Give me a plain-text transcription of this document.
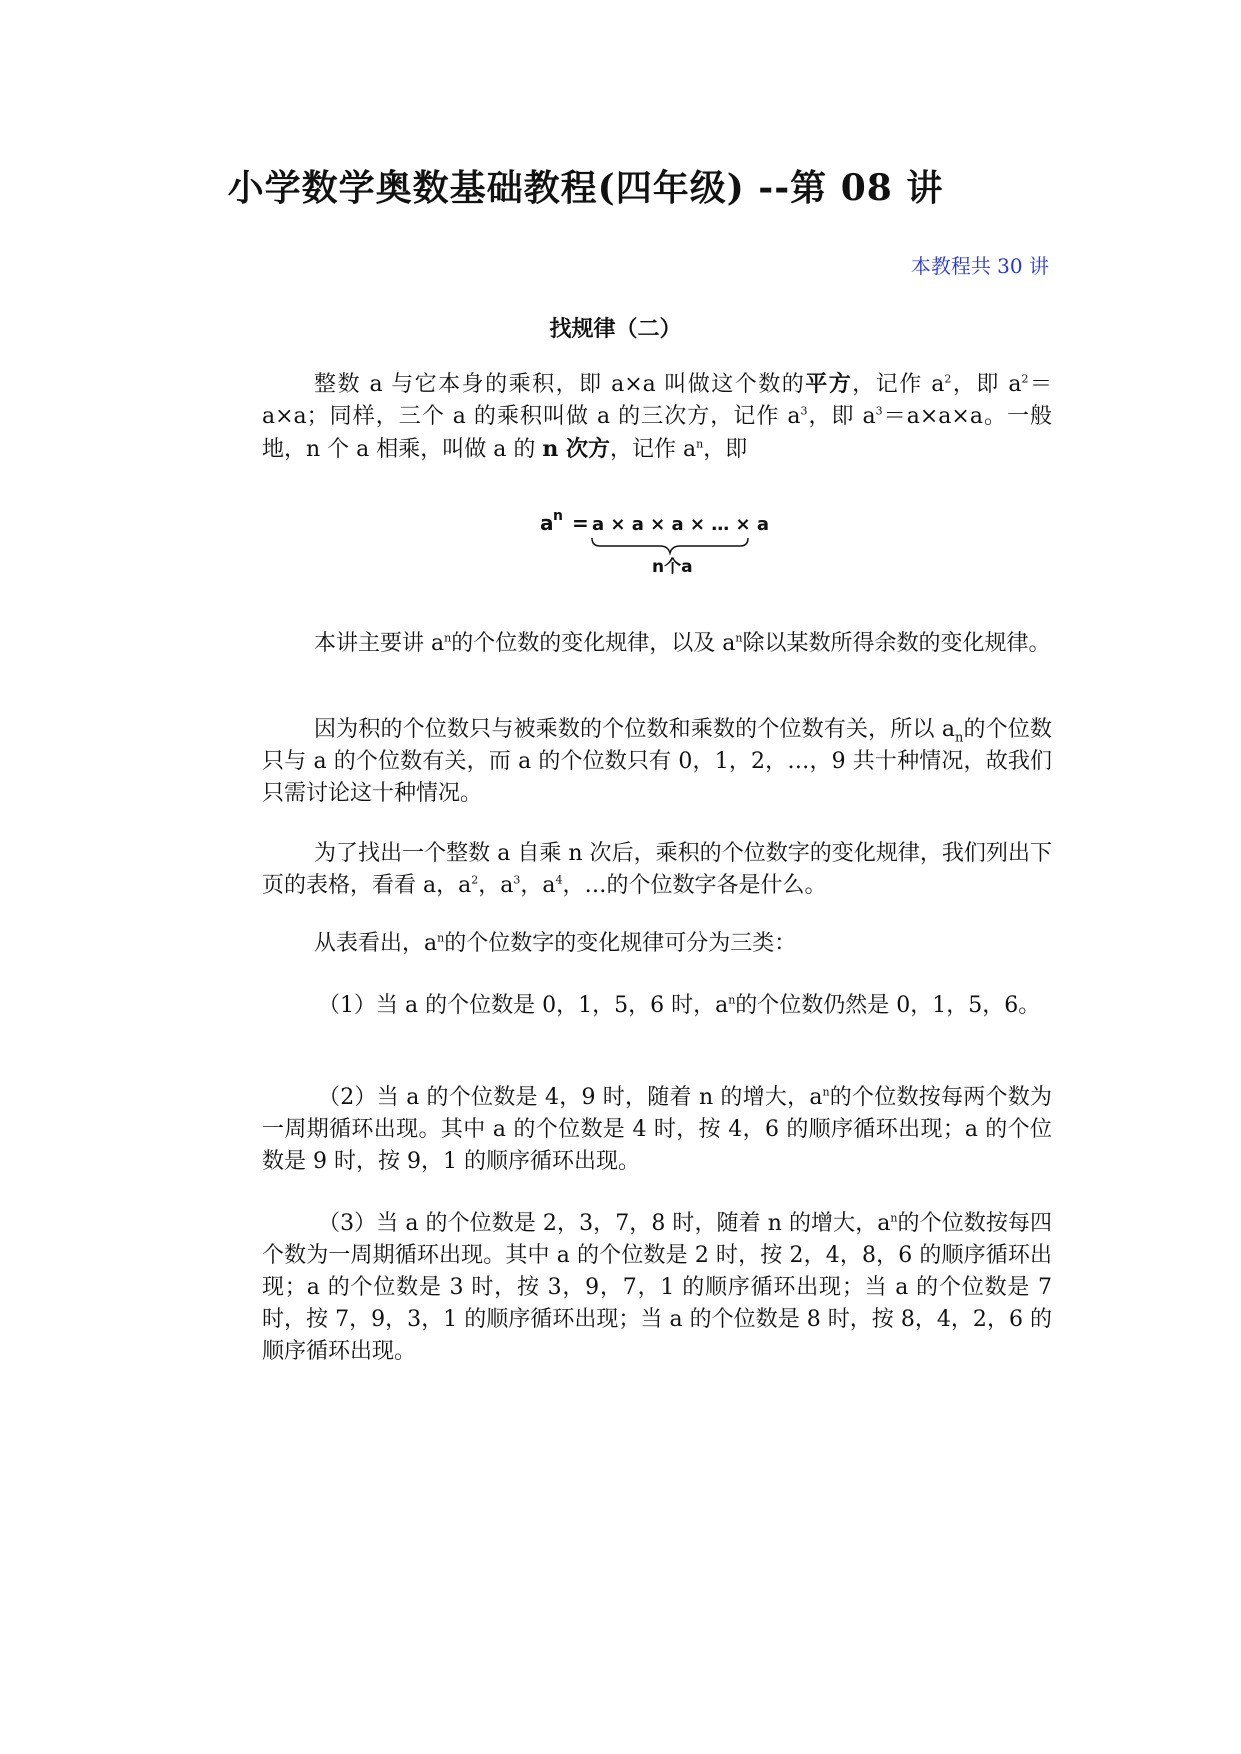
小学数学奥数基础教程(四年级) --第 08 讲
本教程共 30 讲
找规律（二）

整数 a 与它本身的乘积，即 a×a 叫做这个数的平方，记作 $a^2$，即 $a^2=a\times a$；同样，三个 a 的乘积叫做 a 的三次方，记作 $a^3$，即 $a^3=a\times a\times a$。一般地，n 个 a 相乘，叫做 a 的 n 次方，记作 $a^n$，即

a n = a × a × a × … × a
n个a

本讲主要讲 $a^n$的个位数的变化规律，以及 $a^n$除以某数所得余数的变化规律。

因为积的个位数只与被乘数的个位数和乘数的个位数有关，所以 $a_n$的个位数只与 a 的个位数有关，而 a 的个位数只有 0，1，2，…，9 共十种情况，故我们只需讨论这十种情况。

为了找出一个整数 a 自乘 n 次后，乘积的个位数字的变化规律，我们列出下页的表格，看看 a，$a^2$，$a^3$，$a^4$，…的个位数字各是什么。

从表看出，$a^n$的个位数字的变化规律可分为三类：

（1）当 a 的个位数是 0，1，5，6 时，$a^n$的个位数仍然是 0，1，5，6。

（2）当 a 的个位数是 4，9 时，随着 n 的增大，$a^n$的个位数按每两个数为一周期循环出现。其中 a 的个位数是 4 时，按 4，6 的顺序循环出现；a 的个位数是 9 时，按 9，1 的顺序循环出现。

（3）当 a 的个位数是 2，3，7，8 时，随着 n 的增大，$a^n$的个位数按每四个数为一周期循环出现。其中 a 的个位数是 2 时，按 2，4，8，6 的顺序循环出现；a 的个位数是 3 时，按 3，9，7，1 的顺序循环出现；当 a 的个位数是 7 时，按 7，9，3，1 的顺序循环出现；当 a 的个位数是 8 时，按 8，4，2，6 的顺序循环出现。
